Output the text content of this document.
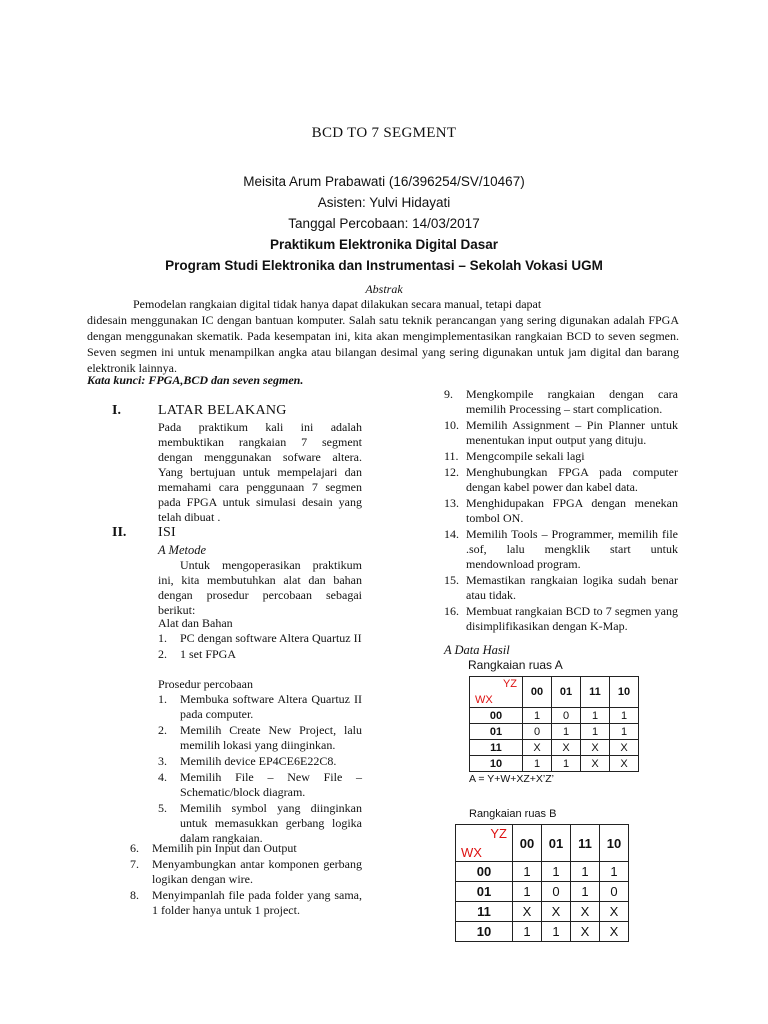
BCD TO 7 SEGMENT
Meisita Arum Prabawati (16/396254/SV/10467)
Asisten: Yulvi Hidayati
Tanggal Percobaan: 14/03/2017
Praktikum Elektronika Digital Dasar
Program Studi Elektronika dan Instrumentasi – Sekolah Vokasi UGM
Abstrak
Pemodelan rangkaian digital tidak hanya dapat dilakukan secara manual, tetapi dapat
didesain menggunakan IC dengan bantuan komputer. Salah satu teknik perancangan yang sering digunakan adalah FPGA dengan menggunakan skematik. Pada kesempatan ini, kita akan mengimplementasikan rangkaian BCD to seven segmen. Seven segmen ini untuk menampilkan angka atau bilangan desimal yang sering digunakan untuk jam digital dan barang elektronik lainnya.
Kata kunci: FPGA,BCD dan seven segmen.
I.	LATAR BELAKANG
Pada praktikum kali ini adalah membuktikan rangkaian 7 segment dengan menggunakan sofware altera. Yang bertujuan untuk mempelajari dan memahami cara penggunaan 7 segmen pada FPGA untuk simulasi desain yang telah dibuat .
II. ISI
A Metode
Untuk mengoperasikan praktikum ini, kita membutuhkan alat dan bahan dengan prosedur percobaan sebagai berikut:
Alat dan Bahan
1. PC dengan software Altera Quartuz II
2. 1 set FPGA
Prosedur percobaan
1. Membuka software Altera Quartuz II pada computer.
2. Memilih Create New Project, lalu memilih lokasi yang diinginkan.
3. Memilih device EP4CE6E22C8.
4. Memilih File – New File – Schematic/block diagram.
5. Memilih symbol yang diinginkan untuk memasukkan gerbang logika dalam rangkaian.
6. Memilih pin Input dan Output
7. Menyambungkan antar komponen gerbang logikan dengan wire.
8. Menyimpanlah file pada folder yang sama, 1 folder hanya untuk 1 project.
9. Mengkompile rangkaian dengan cara memilih Processing – start complication.
10. Memilih Assignment – Pin Planner untuk menentukan input output yang dituju.
11. Mengcompile sekali lagi
12. Menghubungkan FPGA pada computer dengan kabel power dan kabel data.
13. Menghidupakan FPGA dengan menekan tombol ON.
14. Memilih Tools – Programmer, memilih file .sof, lalu mengklik start untuk mendownload program.
15. Memastikan rangkaian logika sudah benar atau tidak.
16. Membuat rangkaian BCD to 7 segmen yang disimplifikasikan dengan K-Map.
A Data Hasil
Rangkaian ruas A
YZ
WX	00	01	11	10
00	1	0	1	1
01	0	1	1	1
11	X	X	X	X
10	1	1	X	X
A = Y+W+XZ+X’Z’
Rangkaian ruas B
YZ
WX	00	01	11	10
00	1	1	1	1
01	1	0	1	0
11	X	X	X	X
10	1	1	X	X
